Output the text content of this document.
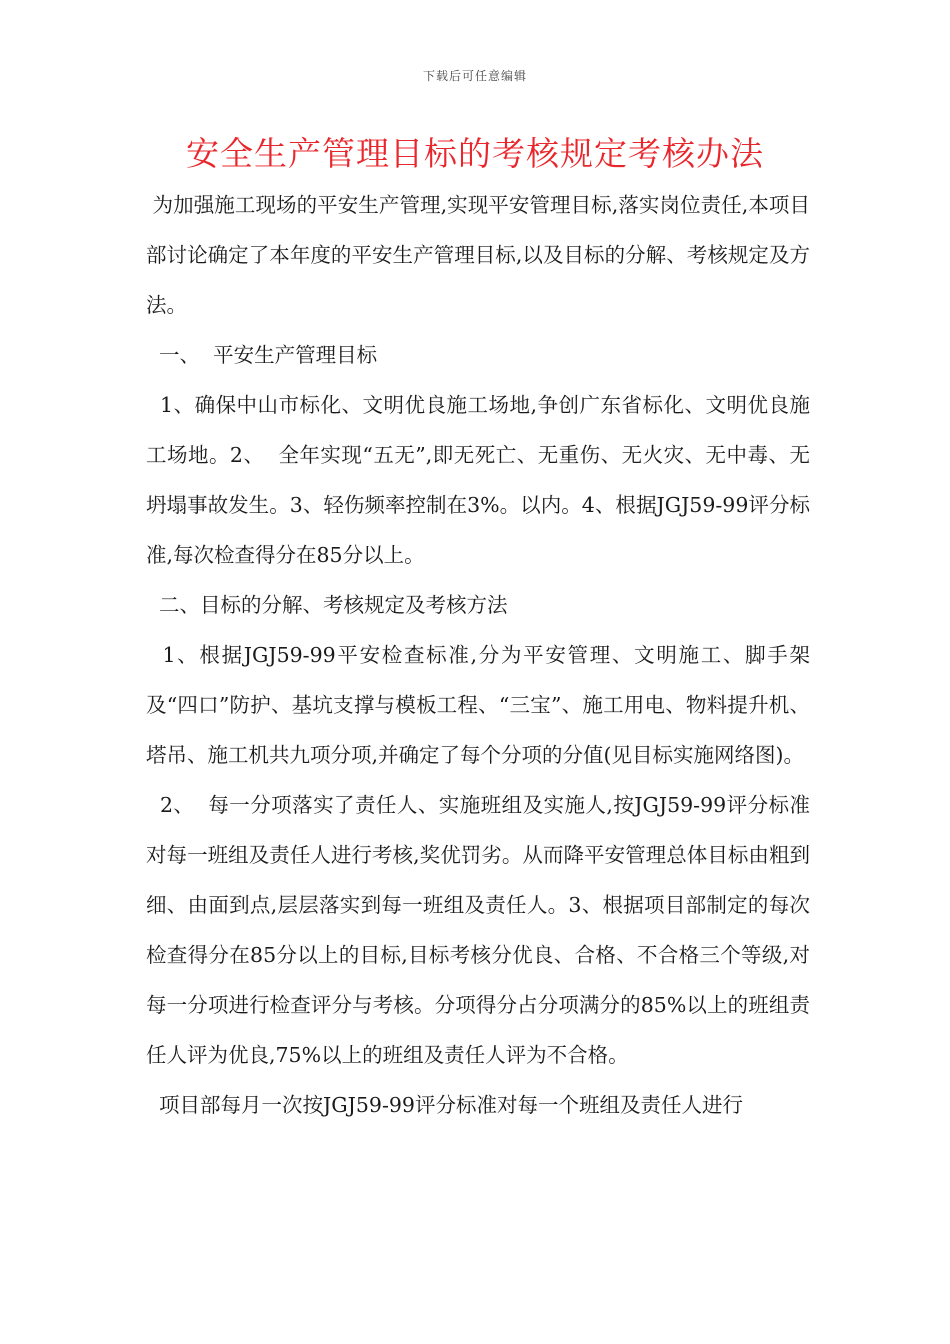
下载后可任意编辑
安全生产管理目标的考核规定考核办法

为加强施工现场的平安生产管理,实现平安管理目标,落实岗位责任,本项目部讨论确定了本年度的平安生产管理目标,以及目标的分解、考核规定及方法。

一、  平安生产管理目标

1、确保中山市标化、文明优良施工场地,争创广东省标化、文明优良施工场地。2、  全年实现“五无”,即无死亡、无重伤、无火灾、无中毒、无坍塌事故发生。3、轻伤频率控制在3%。以内。4、根据JGJ59-99评分标准,每次检查得分在85分以上。

二、目标的分解、考核规定及考核方法

1、根据JGJ59-99平安检查标准,分为平安管理、文明施工、脚手架及“四口”防护、基坑支撑与模板工程、“三宝”、施工用电、物料提升机、塔吊、施工机共九项分项,并确定了每个分项的分值(见目标实施网络图)。

2、  每一分项落实了责任人、实施班组及实施人,按JGJ59-99评分标准对每一班组及责任人进行考核,奖优罚劣。从而降平安管理总体目标由粗到细、由面到点,层层落实到每一班组及责任人。3、根据项目部制定的每次检查得分在85分以上的目标,目标考核分优良、合格、不合格三个等级,对每一分项进行检查评分与考核。分项得分占分项满分的85%以上的班组责任人评为优良,75%以上的班组及责任人评为不合格。

项目部每月一次按JGJ59-99评分标准对每一个班组及责任人进行
